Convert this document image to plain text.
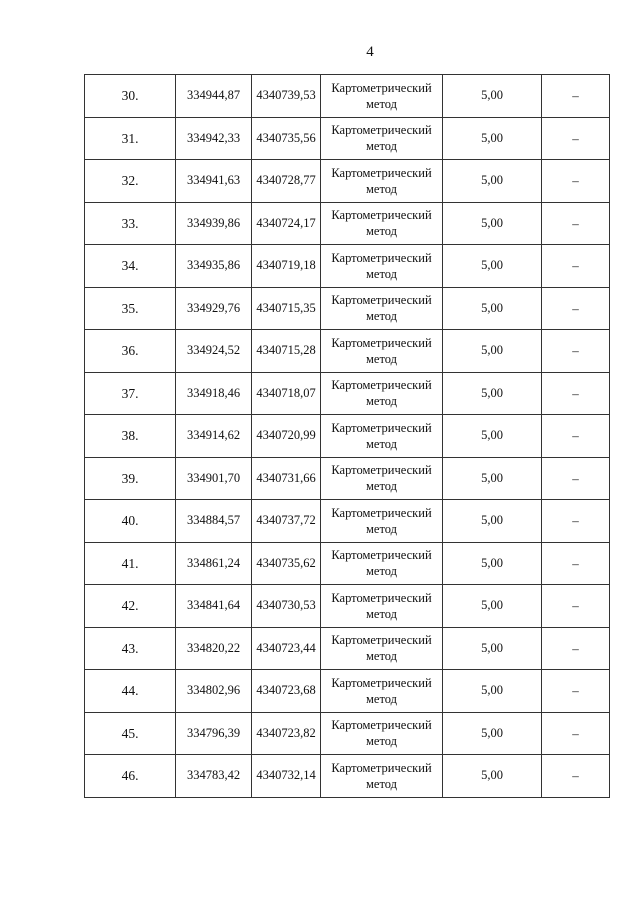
4
30.	334944,87	4340739,53	Картометрический
метод	5,00	–
31.	334942,33	4340735,56	Картометрический
метод	5,00	–
32.	334941,63	4340728,77	Картометрический
метод	5,00	–
33.	334939,86	4340724,17	Картометрический
метод	5,00	–
34.	334935,86	4340719,18	Картометрический
метод	5,00	–
35.	334929,76	4340715,35	Картометрический
метод	5,00	–
36.	334924,52	4340715,28	Картометрический
метод	5,00	–
37.	334918,46	4340718,07	Картометрический
метод	5,00	–
38.	334914,62	4340720,99	Картометрический
метод	5,00	–
39.	334901,70	4340731,66	Картометрический
метод	5,00	–
40.	334884,57	4340737,72	Картометрический
метод	5,00	–
41.	334861,24	4340735,62	Картометрический
метод	5,00	–
42.	334841,64	4340730,53	Картометрический
метод	5,00	–
43.	334820,22	4340723,44	Картометрический
метод	5,00	–
44.	334802,96	4340723,68	Картометрический
метод	5,00	–
45.	334796,39	4340723,82	Картометрический
метод	5,00	–
46.	334783,42	4340732,14	Картометрический
метод	5,00	–
